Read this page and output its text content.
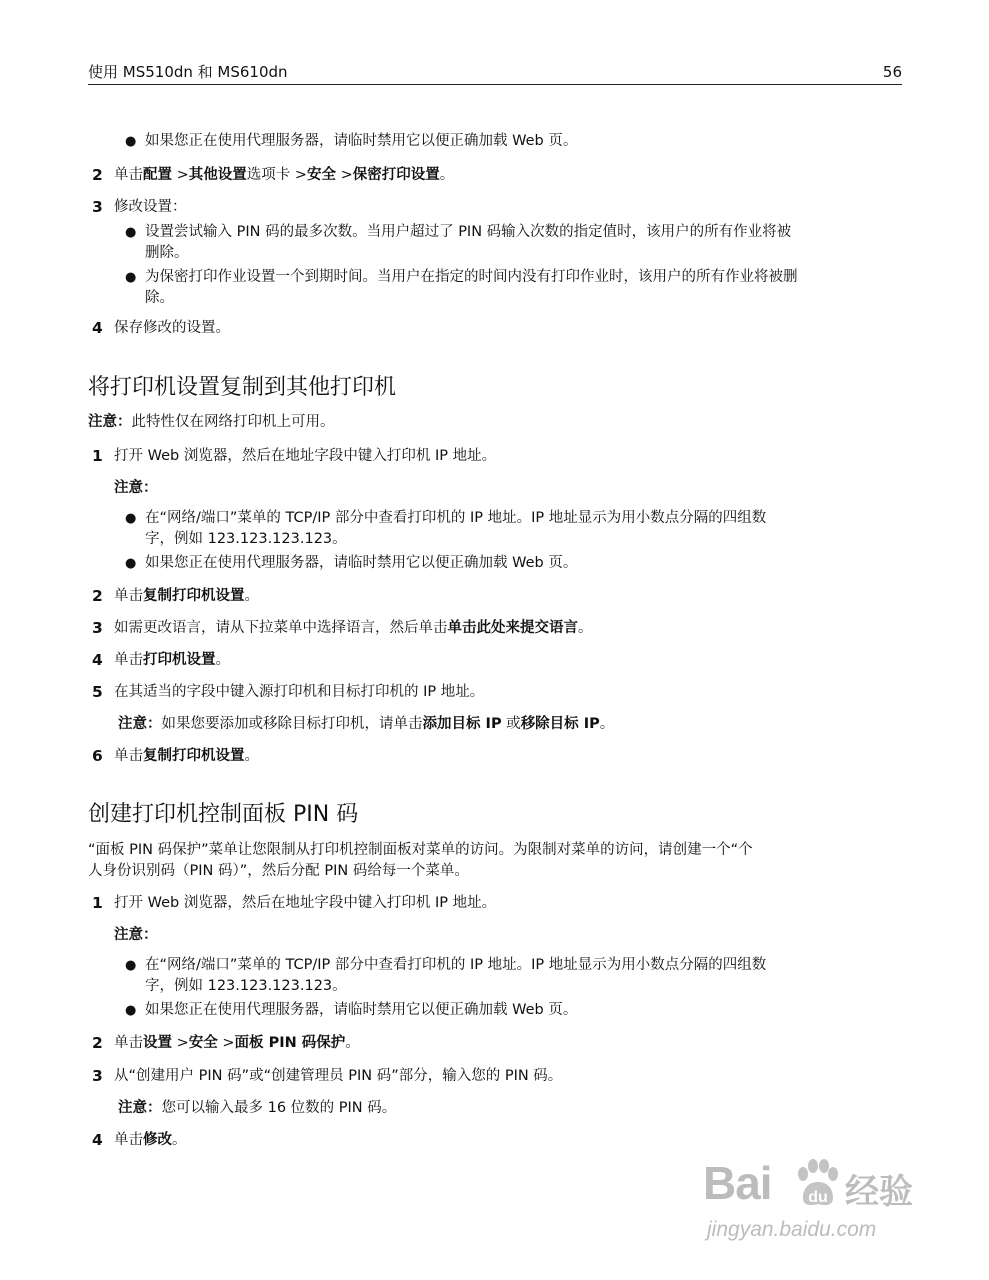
使用 MS510dn 和 MS610dn	56
● 如果您正在使用代理服务器，请临时禁用它以便正确加载 Web 页。
2 单击配置 >其他设置选项卡 >安全 >保密打印设置。
3 修改设置：
● 设置尝试输入 PIN 码的最多次数。当用户超过了 PIN 码输入次数的指定值时，该用户的所有作业将被
删除。
● 为保密打印作业设置一个到期时间。当用户在指定的时间内没有打印作业时，该用户的所有作业将被删
除。
4 保存修改的设置。
将打印机设置复制到其他打印机
注意：此特性仅在网络打印机上可用。
1 打开 Web 浏览器，然后在地址字段中键入打印机 IP 地址。
注意：
● 在“网络/端口”菜单的 TCP/IP 部分中查看打印机的 IP 地址。IP 地址显示为用小数点分隔的四组数
字，例如 123.123.123.123。
● 如果您正在使用代理服务器，请临时禁用它以便正确加载 Web 页。
2 单击复制打印机设置。
3 如需更改语言，请从下拉菜单中选择语言，然后单击单击此处来提交语言。
4 单击打印机设置。
5 在其适当的字段中键入源打印机和目标打印机的 IP 地址。
注意：如果您要添加或移除目标打印机，请单击添加目标 IP 或移除目标 IP。
6 单击复制打印机设置。
创建打印机控制面板 PIN 码
“面板 PIN 码保护”菜单让您限制从打印机控制面板对菜单的访问。为限制对菜单的访问，请创建一个“个
人身份识别码（PIN 码）”，然后分配 PIN 码给每一个菜单。
1 打开 Web 浏览器，然后在地址字段中键入打印机 IP 地址。
注意：
● 在“网络/端口”菜单的 TCP/IP 部分中查看打印机的 IP 地址。IP 地址显示为用小数点分隔的四组数
字，例如 123.123.123.123。
● 如果您正在使用代理服务器，请临时禁用它以便正确加载 Web 页。
2 单击设置 >安全 >面板 PIN 码保护。
3 从“创建用户 PIN 码”或“创建管理员 PIN 码”部分，输入您的 PIN 码。
注意：您可以输入最多 16 位数的 PIN 码。
4 单击修改。
Bai du 经验
jingyan.baidu.com
